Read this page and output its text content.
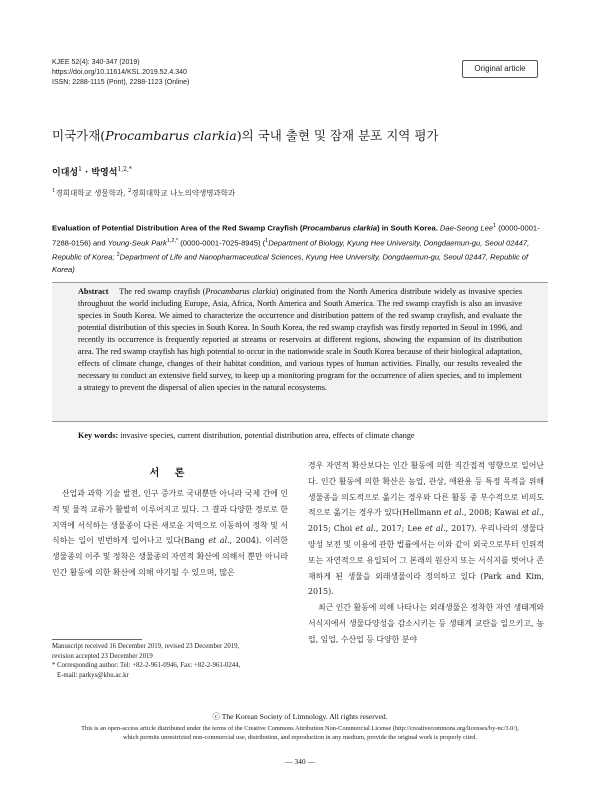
KJEE 52(4): 340-347 (2019)
https://doi.org/10.11614/KSL.2019.52.4.340
ISSN: 2288-1115 (Print), 2288-1123 (Online)
Original article
미국가재(Procambarus clarkia)의 국내 출현 및 잠재 분포 지역 평가
이대성$^1$ · 박영석$^{1,2,*}$
$^1$경희대학교 생물학과, $^2$경희대학교 나노의약생명과학과
Evaluation of Potential Distribution Area of the Red Swamp Crayfish (Procambarus clarkia) in South Korea. Dae-Seong Lee$^1$ (0000-0001-7288-0156) and Young-Seuk Park$^{1,2,*}$ (0000-0001-7025-8945) ($^1$Department of Biology, Kyung Hee University, Dongdaemun-gu, Seoul 02447, Republic of Korea; $^2$Department of Life and Nanopharmaceutical Sciences, Kyung Hee University, Dongdaemun-gu, Seoul 02447, Republic of Korea)
Abstract The red swamp crayfish (Procambarus clarkia) originated from the North America distribute widely as invasive species throughout the world including Europe, Asia, Africa, North America and South America. The red swamp crayfish is also an invasive species in South Korea. We aimed to characterize the occurrence and distribution pattern of the red swamp crayfish, and evaluate the potential distribution of this species in South Korea. In South Korea, the red swamp crayfish was firstly reported in Seoul in 1996, and recently its occurrence is frequently reported at streams or reservoirs at different regions, showing the expansion of its distribution area. The red swamp crayfish has high potential to occur in the nationwide scale in South Korea because of their biological adaptation, effects of climate change, changes of their habitat condition, and various types of human activities. Finally, our results revealed the necessary to conduct an extensive field survey, to keep up a monitoring program for the occurrence of alien species, and to implement a strategy to prevent the dispersal of alien species in the natural ecosystems.
Key words: invasive species, current distribution, potential distribution area, effects of climate change
서 론

산업과 과학 기술 발전, 인구 증가로 국내뿐만 아니라 국제 간에 인적 및 물적 교류가 활발히 이루어지고 있다. 그 결과 다양한 경로로 한 지역에 서식하는 생물종이 다른 새로운 지역으로 이동하여 정착 및 서식하는 일이 빈번하게 일어나고 있다(Bang et al., 2004). 이러한 생물종의 이주 및 정착은 생물종의 자연적 확산에 의해서 뿐만 아니라 인간 활동에 의한 확산에 의해 야기될 수 있으며, 많은

경우 자연적 확산보다는 인간 활동에 의한 직간접적 영향으로 일어난다. 인간 활동에 의한 확산은 농업, 관상, 애완용 등 특정 목적을 위해 생물종을 의도적으로 옮기는 경우와 다른 활동 중 부수적으로 비의도적으로 옮기는 경우가 있다(Hellmann et al., 2008; Kawai et al., 2015; Choi et al., 2017; Lee et al., 2017). 우리나라의 생물다양성 보전 및 이용에 관한 법률에서는 이와 같이 외국으로부터 인위적 또는 자연적으로 유입되어 그 본래의 원산지 또는 서식지를 벗어나 존재하게 된 생물을 외래생물이라 정의하고 있다 (Park and Kim, 2015).

최근 인간 활동에 의해 나타나는 외래생물은 정착한 자연 생태계와 서식지에서 생물다양성을 감소시키는 등 생태계 교란을 일으키고, 농업, 임업, 수산업 등 다양한 분야

Manuscript received 16 December 2019, revised 23 December 2019,
revision accepted 23 December 2019
* Corresponding author: Tel: +82-2-961-0946, Fax: +82-2-961-0244,
E-mail: parkys@khu.ac.kr
ⓒ The Korean Society of Limnology. All rights reserved.
This is an open-access article distributed under the terms of the Creative Commons Attribution Non-Commercial License (http://creativecommons.org/licenses/by-nc/3.0/),
which permits unrestricted non-commercial use, distribution, and reproduction in any medium, provide the original work is properly cited.
— 340 —
